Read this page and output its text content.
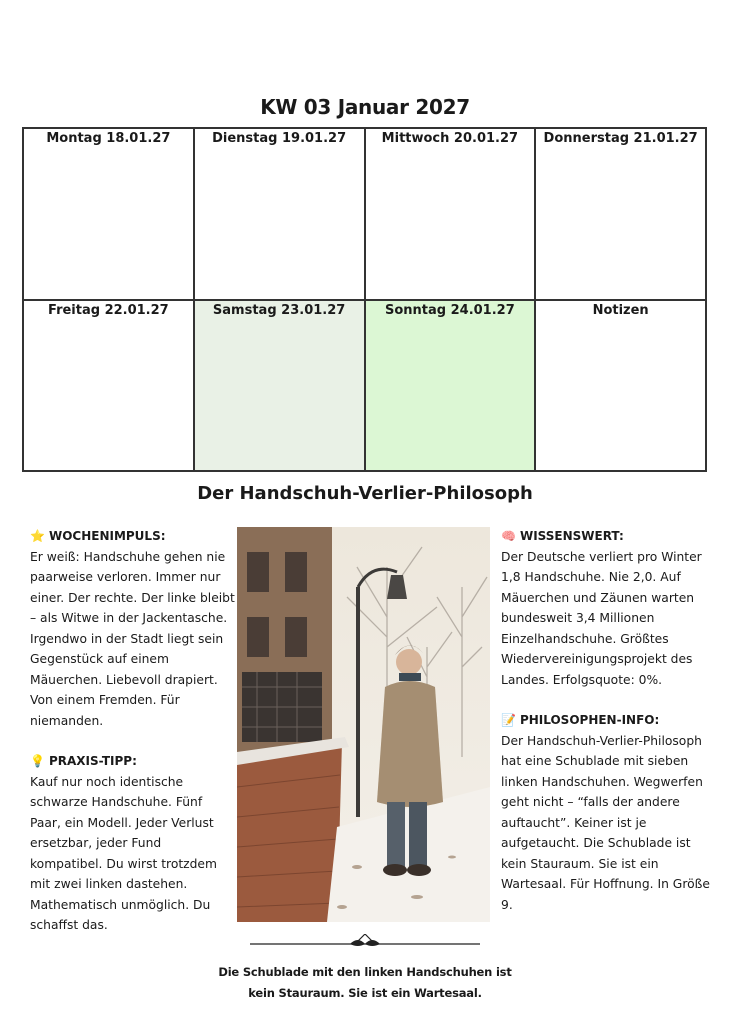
KW 03 Januar 2027
Montag 18.01.27	Dienstag 19.01.27	Mittwoch 20.01.27	Donnerstag 21.01.27
Freitag 22.01.27	Samstag 23.01.27	Sonntag 24.01.27	Notizen
Der Handschuh-Verlier-Philosoph

⭐ WOCHENIMPULS:

Er weiß: Handschuhe gehen nie paarweise verloren. Immer nur einer. Der rechte. Der linke bleibt – als Witwe in der Jackentasche. Irgendwo in der Stadt liegt sein Gegenstück auf einem Mäuerchen. Liebevoll drapiert. Von einem Fremden. Für niemanden.

💡 PRAXIS-TIPP:

Kauf nur noch identische schwarze Handschuhe. Fünf Paar, ein Modell. Jeder Verlust ersetzbar, jeder Fund kompatibel. Du wirst trotzdem mit zwei linken dastehen. Mathematisch unmöglich. Du schaffst das.

🧠 WISSENSWERT:

Der Deutsche verliert pro Winter 1,8 Handschuhe. Nie 2,0. Auf Mäuerchen und Zäunen warten bundesweit 3,4 Millionen Einzelhandschuhe. Größtes Wiedervereinigungsprojekt des Landes. Erfolgsquote: 0%.

📝 PHILOSOPHEN-INFO:

Der Handschuh-Verlier-Philosoph hat eine Schublade mit sieben linken Handschuhen. Wegwerfen geht nicht – “falls der andere auftaucht”. Keiner ist je aufgetaucht. Die Schublade ist kein Stauraum. Sie ist ein Wartesaal. Für Hoffnung. In Größe 9.

Die Schublade mit den linken Handschuhen ist
kein Stauraum. Sie ist ein Wartesaal.
